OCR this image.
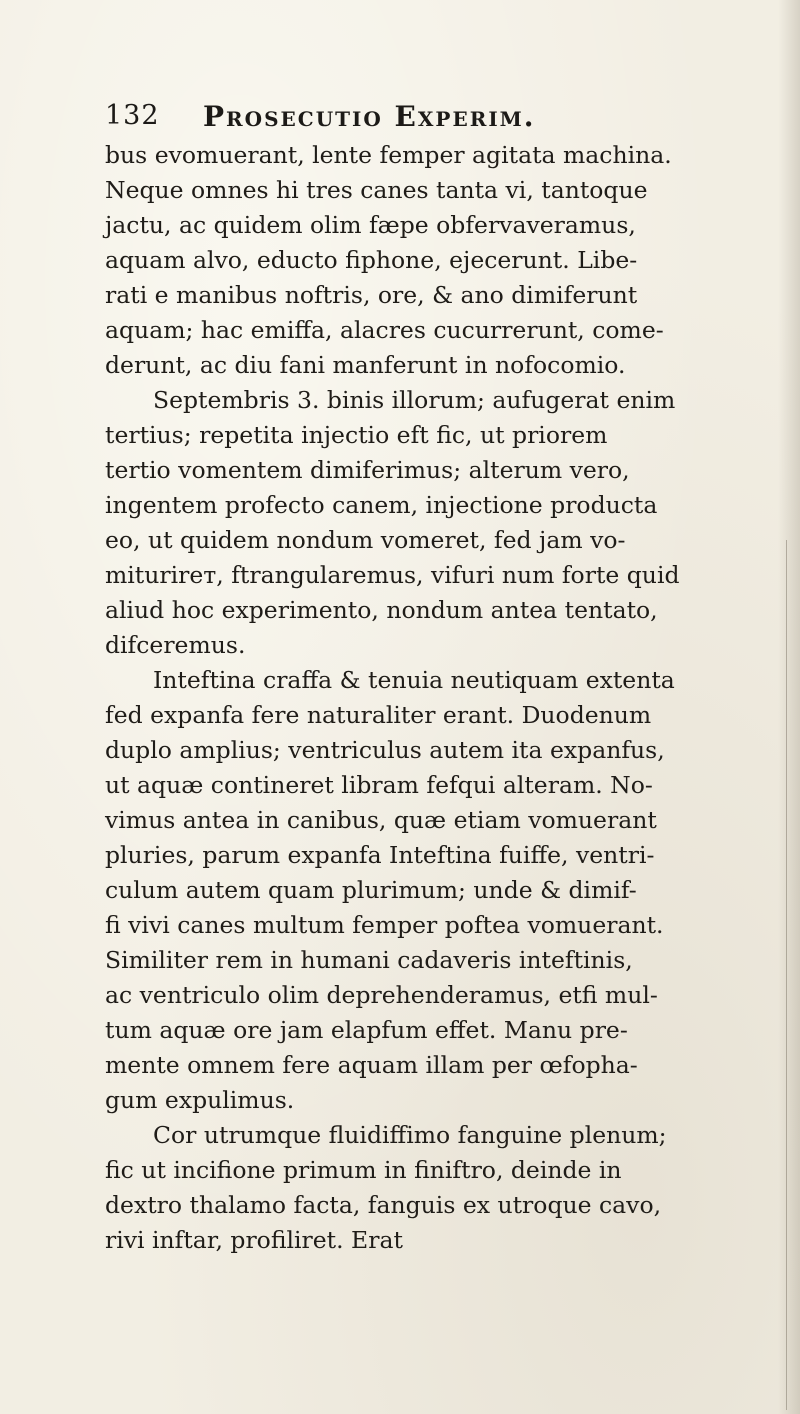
132 Prosecutio Experim.
bus evomuerant, lente femper agitata machina.
Neque omnes hi tres canes tanta vi, tantoque
jactu, ac quidem olim fæpe obfervaveramus,
aquam alvo, educto fiphone, ejecerunt. Libe-
rati e manibus noftris, ore, & ano dimiferunt
aquam; hac emiffa, alacres cucurrerunt, come-
derunt, ac diu fani manferunt in nofocomio.
Septembris 3. binis illorum; aufugerat enim
tertius; repetita injectio eft fic, ut priorem
tertio vomentem dimiferimus; alterum vero,
ingentem profecto canem, injectione producta
eo, ut quidem nondum vomeret, fed jam vo-
miturirет, ftrangularemus, vifuri num forte quid
aliud hoc experimento, nondum antea tentato,
difceremus.
Inteftina craffa & tenuia neutiquam extenta
fed expanfa fere naturaliter erant. Duodenum
duplo amplius; ventriculus autem ita expanfus,
ut aquæ contineret libram fefqui alteram. No-
vimus antea in canibus, quæ etiam vomuerant
pluries, parum expanfa Inteftina fuiffe, ventri-
culum autem quam plurimum; unde & dimif-
fi vivi canes multum femper poftea vomuerant.
Similiter rem in humani cadaveris inteftinis,
ac ventriculo olim deprehenderamus, etfi mul-
tum aquæ ore jam elapfum effet. Manu pre-
mente omnem fere aquam illam per œfopha-
gum expulimus.
Cor utrumque fluidiffimo fanguine plenum;
fic ut incifione primum in finiftro, deinde in
dextro thalamo facta, fanguis ex utroque cavo,
rivi inftar, profiliret. Erat
